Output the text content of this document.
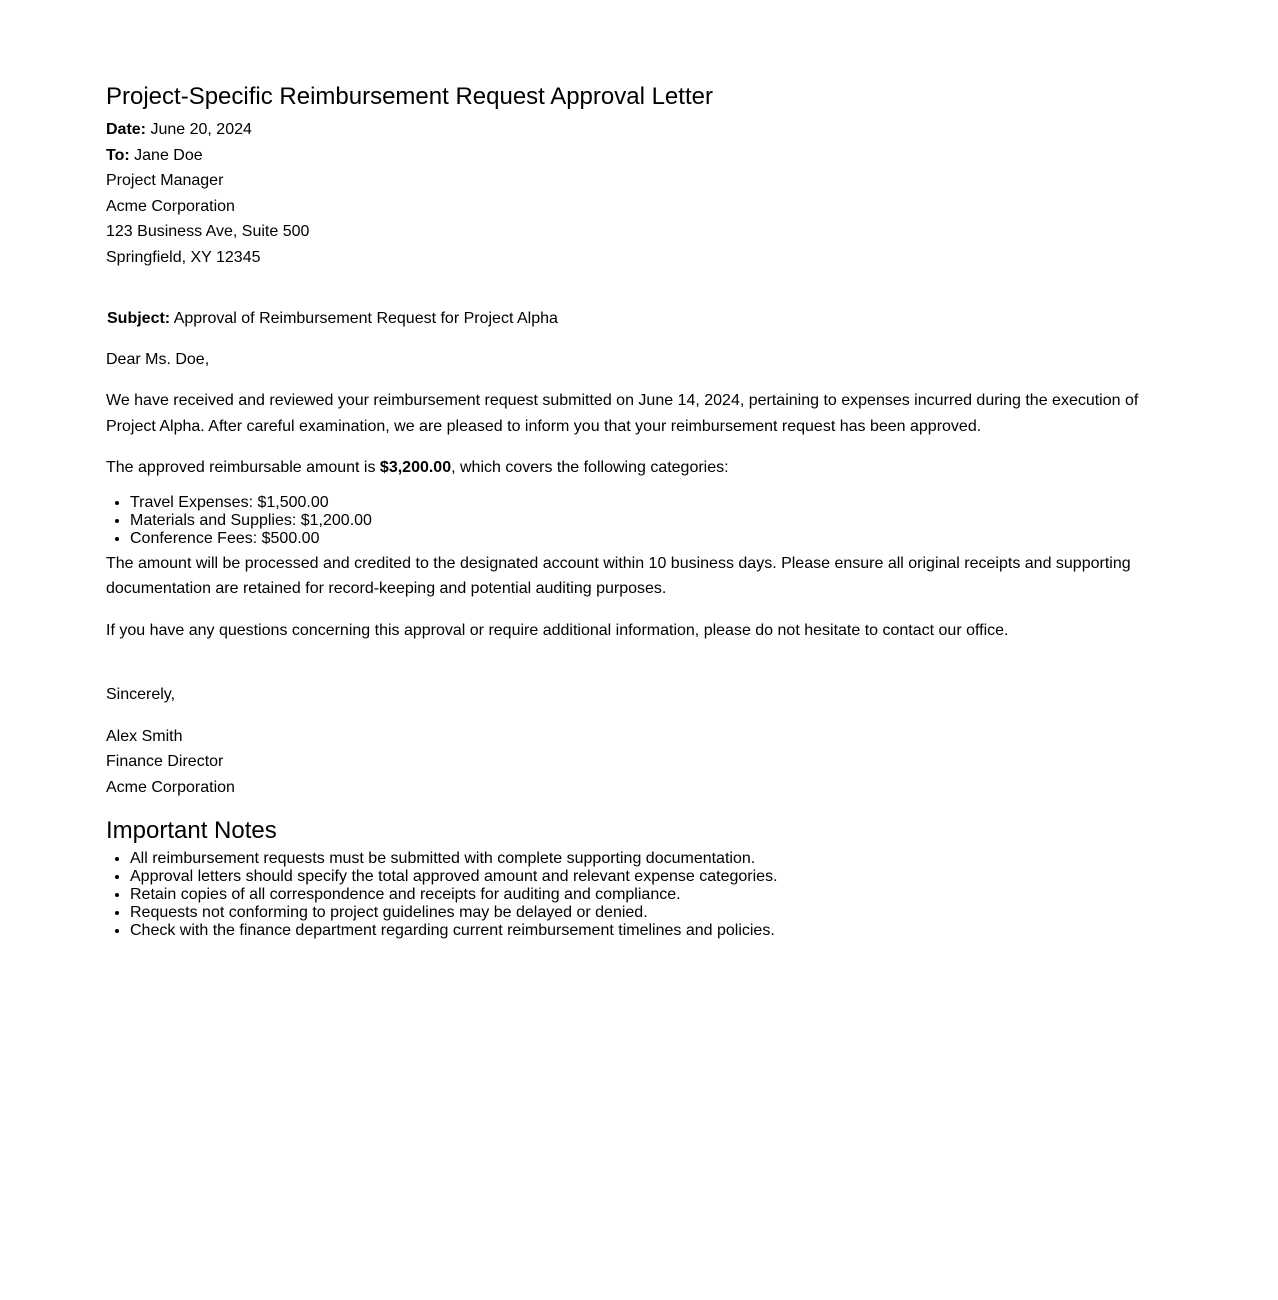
Project-Specific Reimbursement Request Approval Letter
Date: June 20, 2024
To: Jane Doe
Project Manager
Acme Corporation
123 Business Ave, Suite 500
Springfield, XY 12345
Subject: Approval of Reimbursement Request for Project Alpha

Dear Ms. Doe,

We have received and reviewed your reimbursement request submitted on June 14, 2024, pertaining to expenses incurred during the execution of Project Alpha. After careful examination, we are pleased to inform you that your reimbursement request has been approved.

The approved reimbursable amount is $3,200.00, which covers the following categories:

• Travel Expenses: $1,500.00
• Materials and Supplies: $1,200.00
• Conference Fees: $500.00

The amount will be processed and credited to the designated account within 10 business days. Please ensure all original receipts and supporting documentation are retained for record-keeping and potential auditing purposes.

If you have any questions concerning this approval or require additional information, please do not hesitate to contact our office.

Sincerely,

Alex Smith
Finance Director
Acme Corporation
Important Notes
• All reimbursement requests must be submitted with complete supporting documentation.
• Approval letters should specify the total approved amount and relevant expense categories.
• Retain copies of all correspondence and receipts for auditing and compliance.
• Requests not conforming to project guidelines may be delayed or denied.
• Check with the finance department regarding current reimbursement timelines and policies.
